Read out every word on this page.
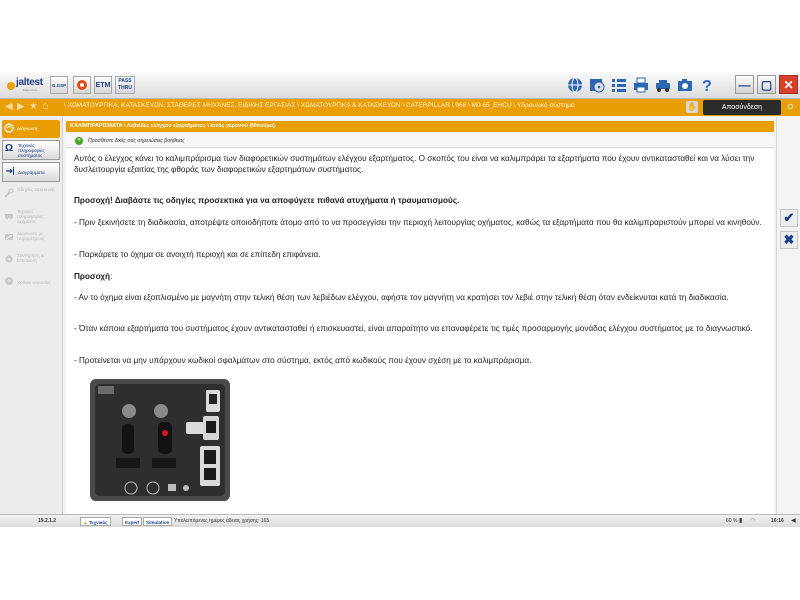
jaltest
diagnostics
G.GSP	ETM
PASS THRU	? — ▢ ✕
◀ ▶ ★ ⌂ \ ΧΩΜΑΤΟΥΡΓΙΚΑ, ΚΑΤΑΣΚΕΥΩΝ, ΣΤΑΘΕΡΕΣ ΜΗΧΑΝΕΣ, ΕΙΔΙΚΗΣ ΕΡΓΑΣΙΑΣ \ ΧΩΜΑΤΟΥΡΓΙΚΑ & ΚΑΤΑΣΚΕΥΩΝ \ CATERPILLAR \ 966 \ M0 65_EHCU \ Υδραυλικό σύστημα	✋	Αποσύνδεση	⊙
Διάγνωση
Ω	Τεχνικές πληροφορίες συστήματος
Διαγράμματα
Οδηγίες επισκευής
Τεχνικές πληροφορίες οχήματος
Διάγνωση με παραμέτρους
Συντήρηση & Επισκευή
Χρόνοι εργασίας
ΚΑΛΙΜΠΡΑΡΙΣΜΑΤΑ \ Λεβιέδες ελέγχου εξαρτήματος \ Ιστός γερανού (Μπούμα)
+	Προσθέστε δικές σας σημειώσεις βοήθειας

Αυτός ο έλεγχος κάνει το καλιμπράρισμα των διαφορετικών συστημάτων ελέγχου εξαρτήματος. Ο σκοπός του είναι να καλιμπράρει τα εξαρτήματα που έχουν αντικατασταθεί και να λύσει την δυσλειτουργία εξαιτίας της φθοράς των διαφορετικών εξαρτημάτων συστήματος.

Προσοχή! Διαβάστε τις οδηγίες προσεκτικά για να αποφύγετε πιθανά ατυχήματα ή τραυματισμούς.

- Πριν ξεκινήσετε τη διαδικασία, αποτρέψτε οποιοδήποτε άτομο από το να προσεγγίσει την περιοχή λειτουργίας οχήματος, καθώς τα εξαρτήματα που θα καλιμπραριστούν μπορεί να κινηθούν.

- Παρκάρετε το όχημα σε ανοιχτή περιοχή και σε επίπεδη επιφάνεια.

Προσοχή:

- Αν το όχημα είναι εξοπλισμένο με μαγνήτη στην τελική θέση των λεβιέδων ελέγχου, αφήστε τον μαγνήτη να κρατήσει τον λεβιέ στην τελική θέση όταν ενδείκνυται κατά τη διαδικασία.

- Όταν κάποια εξαρτήματα του συστήματος έχουν αντικατασταθεί ή επισκευαστεί, είναι απαραίτητο να επαναφέρετε τις τιμές προσαρμογής μονάδας ελέγχου συστήματος με το διαγνωστικό.

- Προτείνεται να μην υπάρχουν κωδικοί σφαλμάτων στο σύστημα, εκτός από κωδικούς που έχουν σχέση με το καλιμπράρισμα.

✔
✖
19.2.1.2	▲ Τεχνικός	Expert	Simulation Υπολειπόμενες ημέρες άδειας χρήσης: 165	60 % ▮ ◠	16:16 ◀
